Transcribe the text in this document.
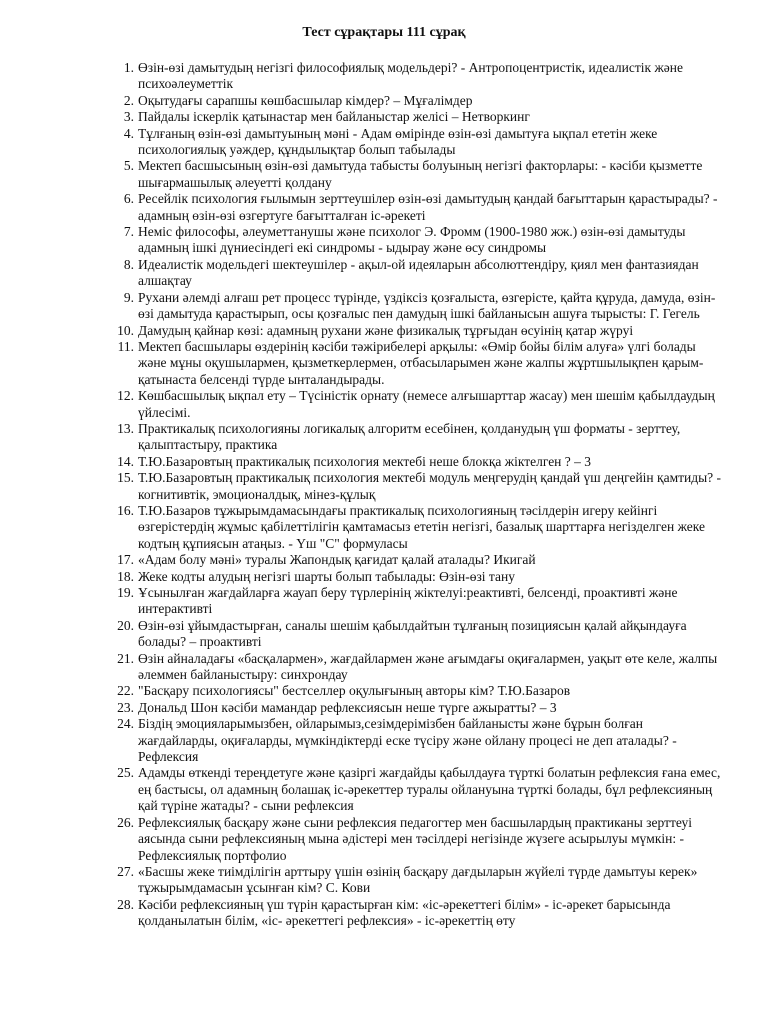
Тест сұрақтары 111 сұрақ
1. Өзін-өзі дамытудың негізгі философиялық модельдері? - Антропоцентристік, идеалистік және психоәлеуметтік
2. Оқытудағы сарапшы көшбасшылар кімдер? – Мұғалімдер
3. Пайдалы іскерлік қатынастар мен байланыстар желісі – Нетворкинг
4. Тұлғаның өзін-өзі дамытуының мәні - Адам өмірінде өзін-өзі дамытуға ықпал ететін жеке психологиялық уәждер, құндылықтар болып табылады
5. Мектеп басшысының өзін-өзі дамытуда табысты болуының негізгі факторлары: - кәсіби қызметте шығармашылық әлеуетті қолдану
6. Ресейлік психология ғылымын зерттеушілер өзін-өзі дамытудың қандай бағыттарын қарастырады? - адамның өзін-өзі өзгертуге бағытталған іс-әрекеті
7. Неміс философы, әлеуметтанушы және психолог Э. Фромм (1900-1980 жж.) өзін-өзі дамытуды адамның ішкі дүниесіндегі екі синдромы - ыдырау және өсу синдромы
8. Идеалистік модельдегі шектеушілер - ақыл-ой идеяларын абсолюттендіру, қиял мен фантазиядан алшақтау
9. Рухани әлемді алғаш рет процесс түрінде, үздіксіз қозғалыста, өзгерісте, қайта құруда, дамуда, өзін-өзі дамытуда қарастырып, осы қозғалыс пен дамудың ішкі байланысын ашуға тырысты: Г. Гегель
10. Дамудың қайнар көзі: адамның рухани және физикалық тұрғыдан өсуінің қатар жүруі
11. Мектеп басшылары өздерінің кәсіби тәжірибелері арқылы: «Өмір бойы білім алуға» үлгі болады және мұны оқушылармен, қызметкерлермен, отбасыларымен және жалпы жұртшылықпен қарым-қатынаста белсенді түрде ынталандырады.
12. Көшбасшылық ықпал ету – Түсіністік орнату (немесе алғышарттар жасау) мен шешім қабылдаудың үйлесімі.
13. Практикалық психологияны логикалық алгоритм есебінен, қолданудың үш форматы - зерттеу, қалыптастыру, практика
14. Т.Ю.Базаровтың практикалық психология мектебі неше блокқа жіктелген ? – 3
15. Т.Ю.Базаровтың практикалық психология мектебі модуль меңгерудің қандай үш деңгейін қамтиды? - когнитивтік, эмоционалдық, мінез-құлық
16. Т.Ю.Базаров тұжырымдамасындағы практикалық психологияның тәсілдерін игеру кейінгі өзгерістердің жұмыс қабілеттілігін қамтамасыз ететін негізгі, базалық шарттарға негізделген жеке кодтың құпиясын атаңыз. - Үш "С" формуласы
17. «Адам болу мәні» туралы Жапондық қағидат қалай аталады? Икигай
18. Жеке кодты алудың негізгі шарты болып табылады: Өзін-өзі тану
19. Ұсынылған жағдайларға жауап беру түрлерінің жіктелуі:реактивті, белсенді, проактивті және интерактивті
20. Өзін-өзі ұйымдастырған, саналы шешім қабылдайтын тұлғаның позициясын қалай айқындауға болады? – проактивті
21. Өзін айналадағы «басқалармен», жағдайлармен және ағымдағы оқиғалармен, уақыт өте келе, жалпы әлеммен байланыстыру: синхрондау
22. "Басқару психологиясы" бестселлер оқулығының авторы кім? Т.Ю.Базаров
23. Дональд Шон кәсіби мамандар рефлексиясын неше түрге ажыратты? – 3
24. Біздің эмоцияларымызбен, ойларымыз,сезімдерімізбен байланысты және бұрын болған жағдайларды, оқиғаларды, мүмкіндіктерді еске түсіру және ойлану процесі не деп аталады? - Рефлексия
25. Адамды өткенді тереңдетуге және қазіргі жағдайды қабылдауға түрткі болатын рефлексия ғана емес, ең бастысы, ол адамның болашақ іс-әрекеттер туралы ойлануына түрткі болады, бұл рефлексияның қай түріне жатады? - сыни рефлексия
26. Рефлексиялық басқару және сыни рефлексия педагогтер мен басшылардың практиканы зерттеуі аясында сыни рефлексияның мына әдістері мен тәсілдері негізінде жүзеге асырылуы мүмкін: - Рефлексиялық портфолио
27. «Басшы жеке тиімділігін арттыру үшін өзінің басқару дағдыларын жүйелі түрде дамытуы керек» тұжырымдамасын ұсынған кім? С. Кови
28. Кәсіби рефлексияның үш түрін қарастырған кім: «іс-әрекеттегі білім» - іс-әрекет барысында қолданылатын білім, «іс- әрекеттегі рефлексия» - іс-әрекеттің өту
